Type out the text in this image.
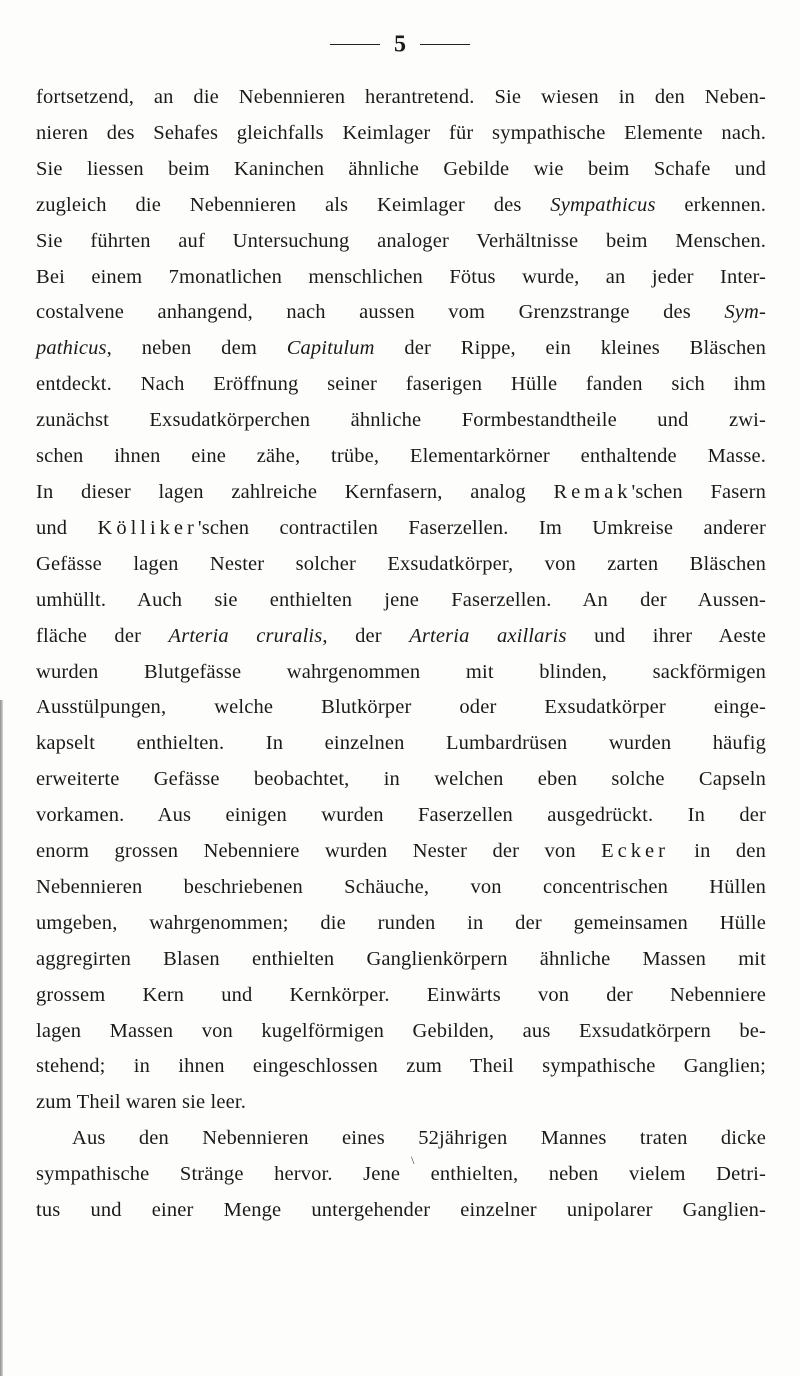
5
fortsetzend, an die Nebennieren herantretend. Sie wiesen in den Neben-
nieren des Sehafes gleichfalls Keimlager für sympathische Elemente nach.
Sie liessen beim Kaninchen ähnliche Gebilde wie beim Schafe und
zugleich die Nebennieren als Keimlager des Sympathicus erkennen.
Sie führten auf Untersuchung analoger Verhältnisse beim Menschen.
Bei einem 7monatlichen menschlichen Fötus wurde, an jeder Inter-
costalvene anhangend, nach aussen vom Grenzstrange des Sym-
pathicus, neben dem Capitulum der Rippe, ein kleines Bläschen
entdeckt. Nach Eröffnung seiner faserigen Hülle fanden sich ihm
zunächst Exsudatkörperchen ähnliche Formbestandtheile und zwi-
schen ihnen eine zähe, trübe, Elementarkörner enthaltende Masse.
In dieser lagen zahlreiche Kernfasern, analog Remak'schen Fasern
und Kölliker'schen contractilen Faserzellen. Im Umkreise anderer
Gefässe lagen Nester solcher Exsudatkörper, von zarten Bläschen
umhüllt. Auch sie enthielten jene Faserzellen. An der Aussen-
fläche der Arteria cruralis, der Arteria axillaris und ihrer Aeste
wurden Blutgefässe wahrgenommen mit blinden, sackförmigen
Ausstülpungen, welche Blutkörper oder Exsudatkörper einge-
kapselt enthielten. In einzelnen Lumbardrüsen wurden häufig
erweiterte Gefässe beobachtet, in welchen eben solche Capseln
vorkamen. Aus einigen wurden Faserzellen ausgedrückt. In der
enorm grossen Nebenniere wurden Nester der von Ecker in den
Nebennieren beschriebenen Schäuche, von concentrischen Hüllen
umgeben, wahrgenommen; die runden in der gemeinsamen Hülle
aggregirten Blasen enthielten Ganglienkörpern ähnliche Massen mit
grossem Kern und Kernkörper. Einwärts von der Nebenniere
lagen Massen von kugelförmigen Gebilden, aus Exsudatkörpern be-
stehend; in ihnen eingeschlossen zum Theil sympathische Ganglien;
zum Theil waren sie leer.
Aus den Nebennieren eines 52jährigen Mannes traten dicke
sympathische Stränge hervor. Jene enthielten, neben vielem Detri-
tus und einer Menge untergehender einzelner unipolarer Ganglien-
\
